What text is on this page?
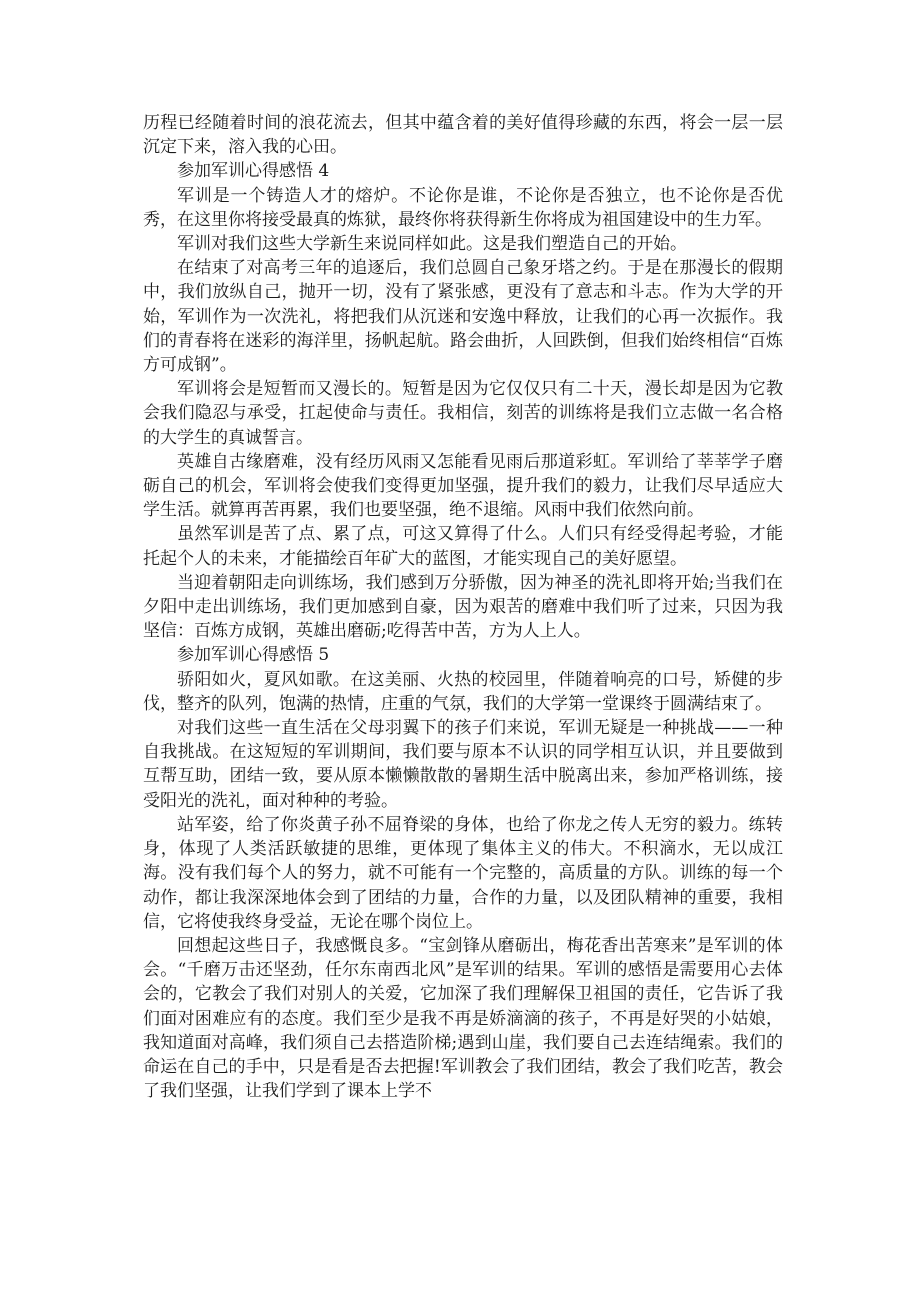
历程已经随着时间的浪花流去，但其中蕴含着的美好值得珍藏的东西，将会一层一层沉定下来，溶入我的心田。

参加军训心得感悟 4

军训是一个铸造人才的熔炉。不论你是谁，不论你是否独立，也不论你是否优秀，在这里你将接受最真的炼狱，最终你将获得新生你将成为祖国建设中的生力军。

军训对我们这些大学新生来说同样如此。这是我们塑造自己的开始。

在结束了对高考三年的追逐后，我们总圆自己象牙塔之约。于是在那漫长的假期中，我们放纵自己，抛开一切，没有了紧张感，更没有了意志和斗志。作为大学的开始，军训作为一次洗礼，将把我们从沉迷和安逸中释放，让我们的心再一次振作。我们的青春将在迷彩的海洋里，扬帆起航。路会曲折，人回跌倒，但我们始终相信“百炼方可成钢”。

军训将会是短暂而又漫长的。短暂是因为它仅仅只有二十天，漫长却是因为它教会我们隐忍与承受，扛起使命与责任。我相信，刻苦的训练将是我们立志做一名合格的大学生的真诚誓言。

英雄自古缘磨难，没有经历风雨又怎能看见雨后那道彩虹。军训给了莘莘学子磨砺自己的机会，军训将会使我们变得更加坚强，提升我们的毅力，让我们尽早适应大学生活。就算再苦再累，我们也要坚强，绝不退缩。风雨中我们依然向前。

虽然军训是苦了点、累了点，可这又算得了什么。人们只有经受得起考验，才能托起个人的未来，才能描绘百年矿大的蓝图，才能实现自己的美好愿望。

当迎着朝阳走向训练场，我们感到万分骄傲，因为神圣的洗礼即将开始;当我们在夕阳中走出训练场，我们更加感到自豪，因为艰苦的磨难中我们听了过来，只因为我坚信：百炼方成钢，英雄出磨砺;吃得苦中苦，方为人上人。

参加军训心得感悟 5

骄阳如火，夏风如歌。在这美丽、火热的校园里，伴随着响亮的口号，矫健的步伐，整齐的队列，饱满的热情，庄重的气氛，我们的大学第一堂课终于圆满结束了。

对我们这些一直生活在父母羽翼下的孩子们来说，军训无疑是一种挑战——一种自我挑战。在这短短的军训期间，我们要与原本不认识的同学相互认识，并且要做到互帮互助，团结一致，要从原本懒懒散散的暑期生活中脱离出来，参加严格训练，接受阳光的洗礼，面对种种的考验。

站军姿，给了你炎黄子孙不屈脊梁的身体，也给了你龙之传人无穷的毅力。练转身，体现了人类活跃敏捷的思维，更体现了集体主义的伟大。不积滴水，无以成江海。没有我们每个人的努力，就不可能有一个完整的，高质量的方队。训练的每一个动作，都让我深深地体会到了团结的力量，合作的力量，以及团队精神的重要，我相信，它将使我终身受益，无论在哪个岗位上。

回想起这些日子，我感慨良多。“宝剑锋从磨砺出，梅花香出苦寒来”是军训的体会。“千磨万击还坚劲，任尔东南西北风”是军训的结果。军训的感悟是需要用心去体会的，它教会了我们对别人的关爱，它加深了我们理解保卫祖国的责任，它告诉了我们面对困难应有的态度。我们至少是我不再是娇滴滴的孩子，不再是好哭的小姑娘，我知道面对高峰，我们须自己去搭造阶梯;遇到山崖，我们要自己去连结绳索。我们的命运在自己的手中，只是看是否去把握!军训教会了我们团结，教会了我们吃苦，教会了我们坚强，让我们学到了课本上学不
